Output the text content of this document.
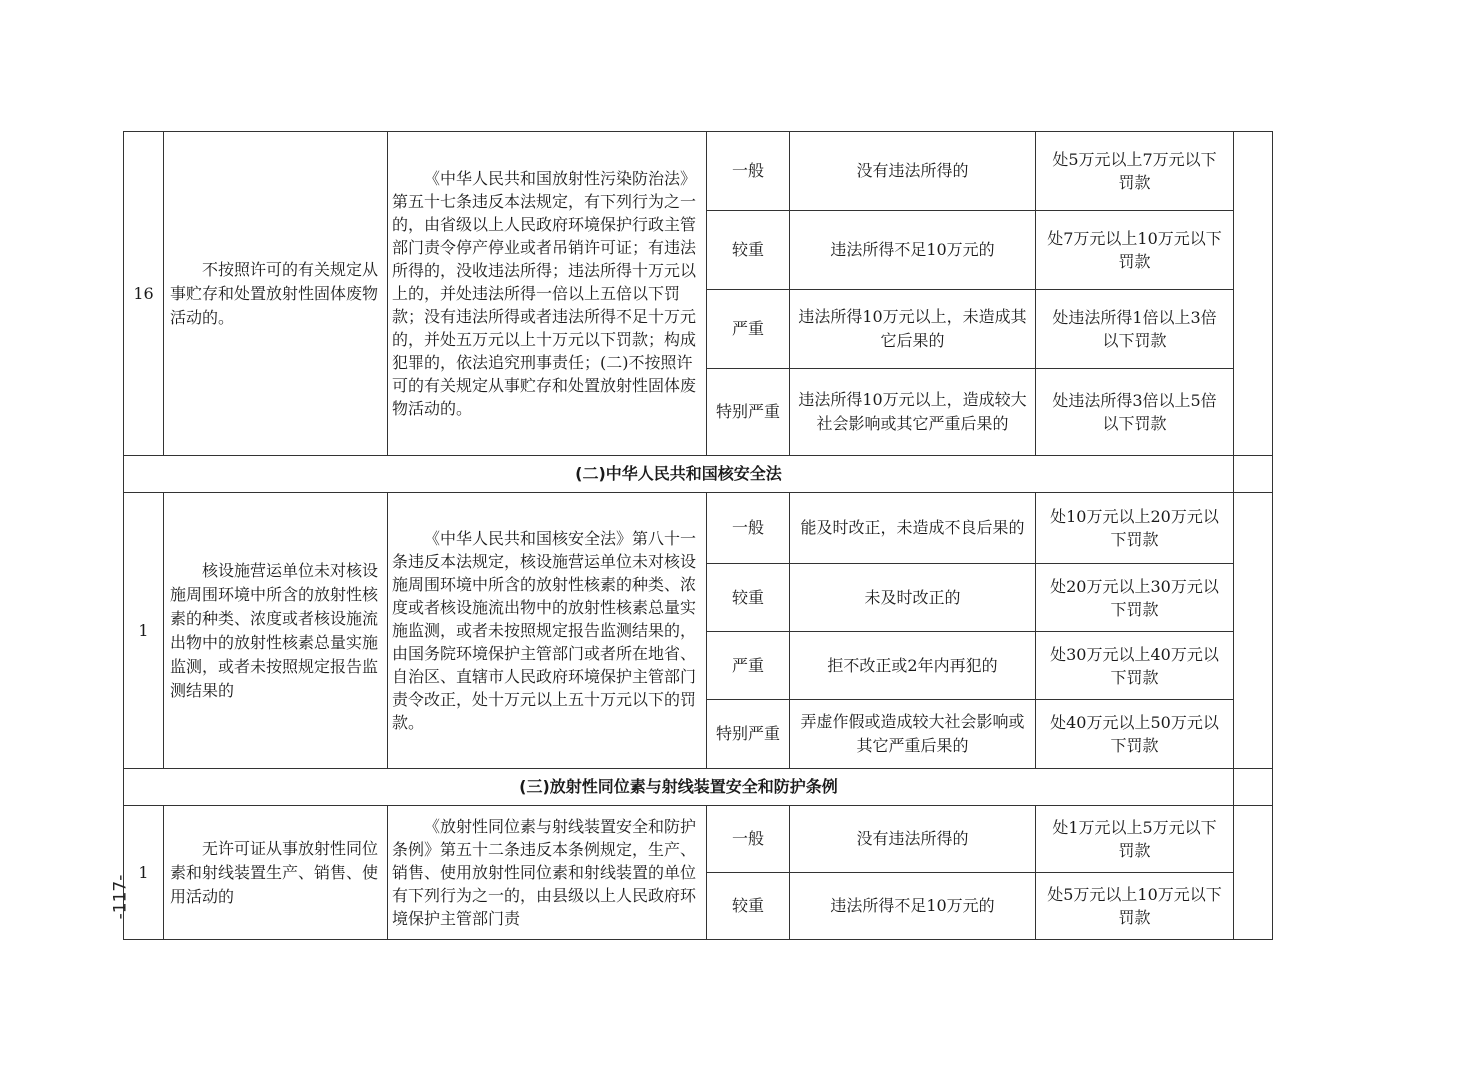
16	不按照许可的有关规定从事贮存和处置放射性固体废物活动的。	《中华人民共和国放射性污染防治法》第五十七条违反本法规定，有下列行为之一的，由省级以上人民政府环境保护行政主管部门责令停产停业或者吊销许可证；有违法所得的，没收违法所得；违法所得十万元以上的，并处违法所得一倍以上五倍以下罚款；没有违法所得或者违法所得不足十万元的，并处五万元以上十万元以下罚款；构成犯罪的，依法追究刑事责任；(二)不按照许可的有关规定从事贮存和处置放射性固体废物活动的。	一般	没有违法所得的	处5万元以上7万元以下罚款	
			较重	违法所得不足10万元的	处7万元以上10万元以下罚款	
			严重	违法所得10万元以上，未造成其它后果的	处违法所得1倍以上3倍以下罚款	
			特别严重	违法所得10万元以上，造成较大社会影响或其它严重后果的	处违法所得3倍以上5倍以下罚款	
(二)中华人民共和国核安全法						
1	核设施营运单位未对核设施周围环境中所含的放射性核素的种类、浓度或者核设施流出物中的放射性核素总量实施监测，或者未按照规定报告监测结果的	《中华人民共和国核安全法》第八十一条违反本法规定，核设施营运单位未对核设施周围环境中所含的放射性核素的种类、浓度或者核设施流出物中的放射性核素总量实施监测，或者未按照规定报告监测结果的，由国务院环境保护主管部门或者所在地省、自治区、直辖市人民政府环境保护主管部门责令改正，处十万元以上五十万元以下的罚款。	一般	能及时改正，未造成不良后果的	处10万元以上20万元以下罚款	
			较重	未及时改正的	处20万元以上30万元以下罚款	
			严重	拒不改正或2年内再犯的	处30万元以上40万元以下罚款	
			特别严重	弄虚作假或造成较大社会影响或其它严重后果的	处40万元以上50万元以下罚款	
(三)放射性同位素与射线装置安全和防护条例						
1	无许可证从事放射性同位素和射线装置生产、销售、使用活动的	《放射性同位素与射线装置安全和防护条例》第五十二条违反本条例规定，生产、销售、使用放射性同位素和射线装置的单位有下列行为之一的，由县级以上人民政府环境保护主管部门责	一般	没有违法所得的	处1万元以上5万元以下罚款	
			较重	违法所得不足10万元的	处5万元以上10万元以下罚款	
-117-
